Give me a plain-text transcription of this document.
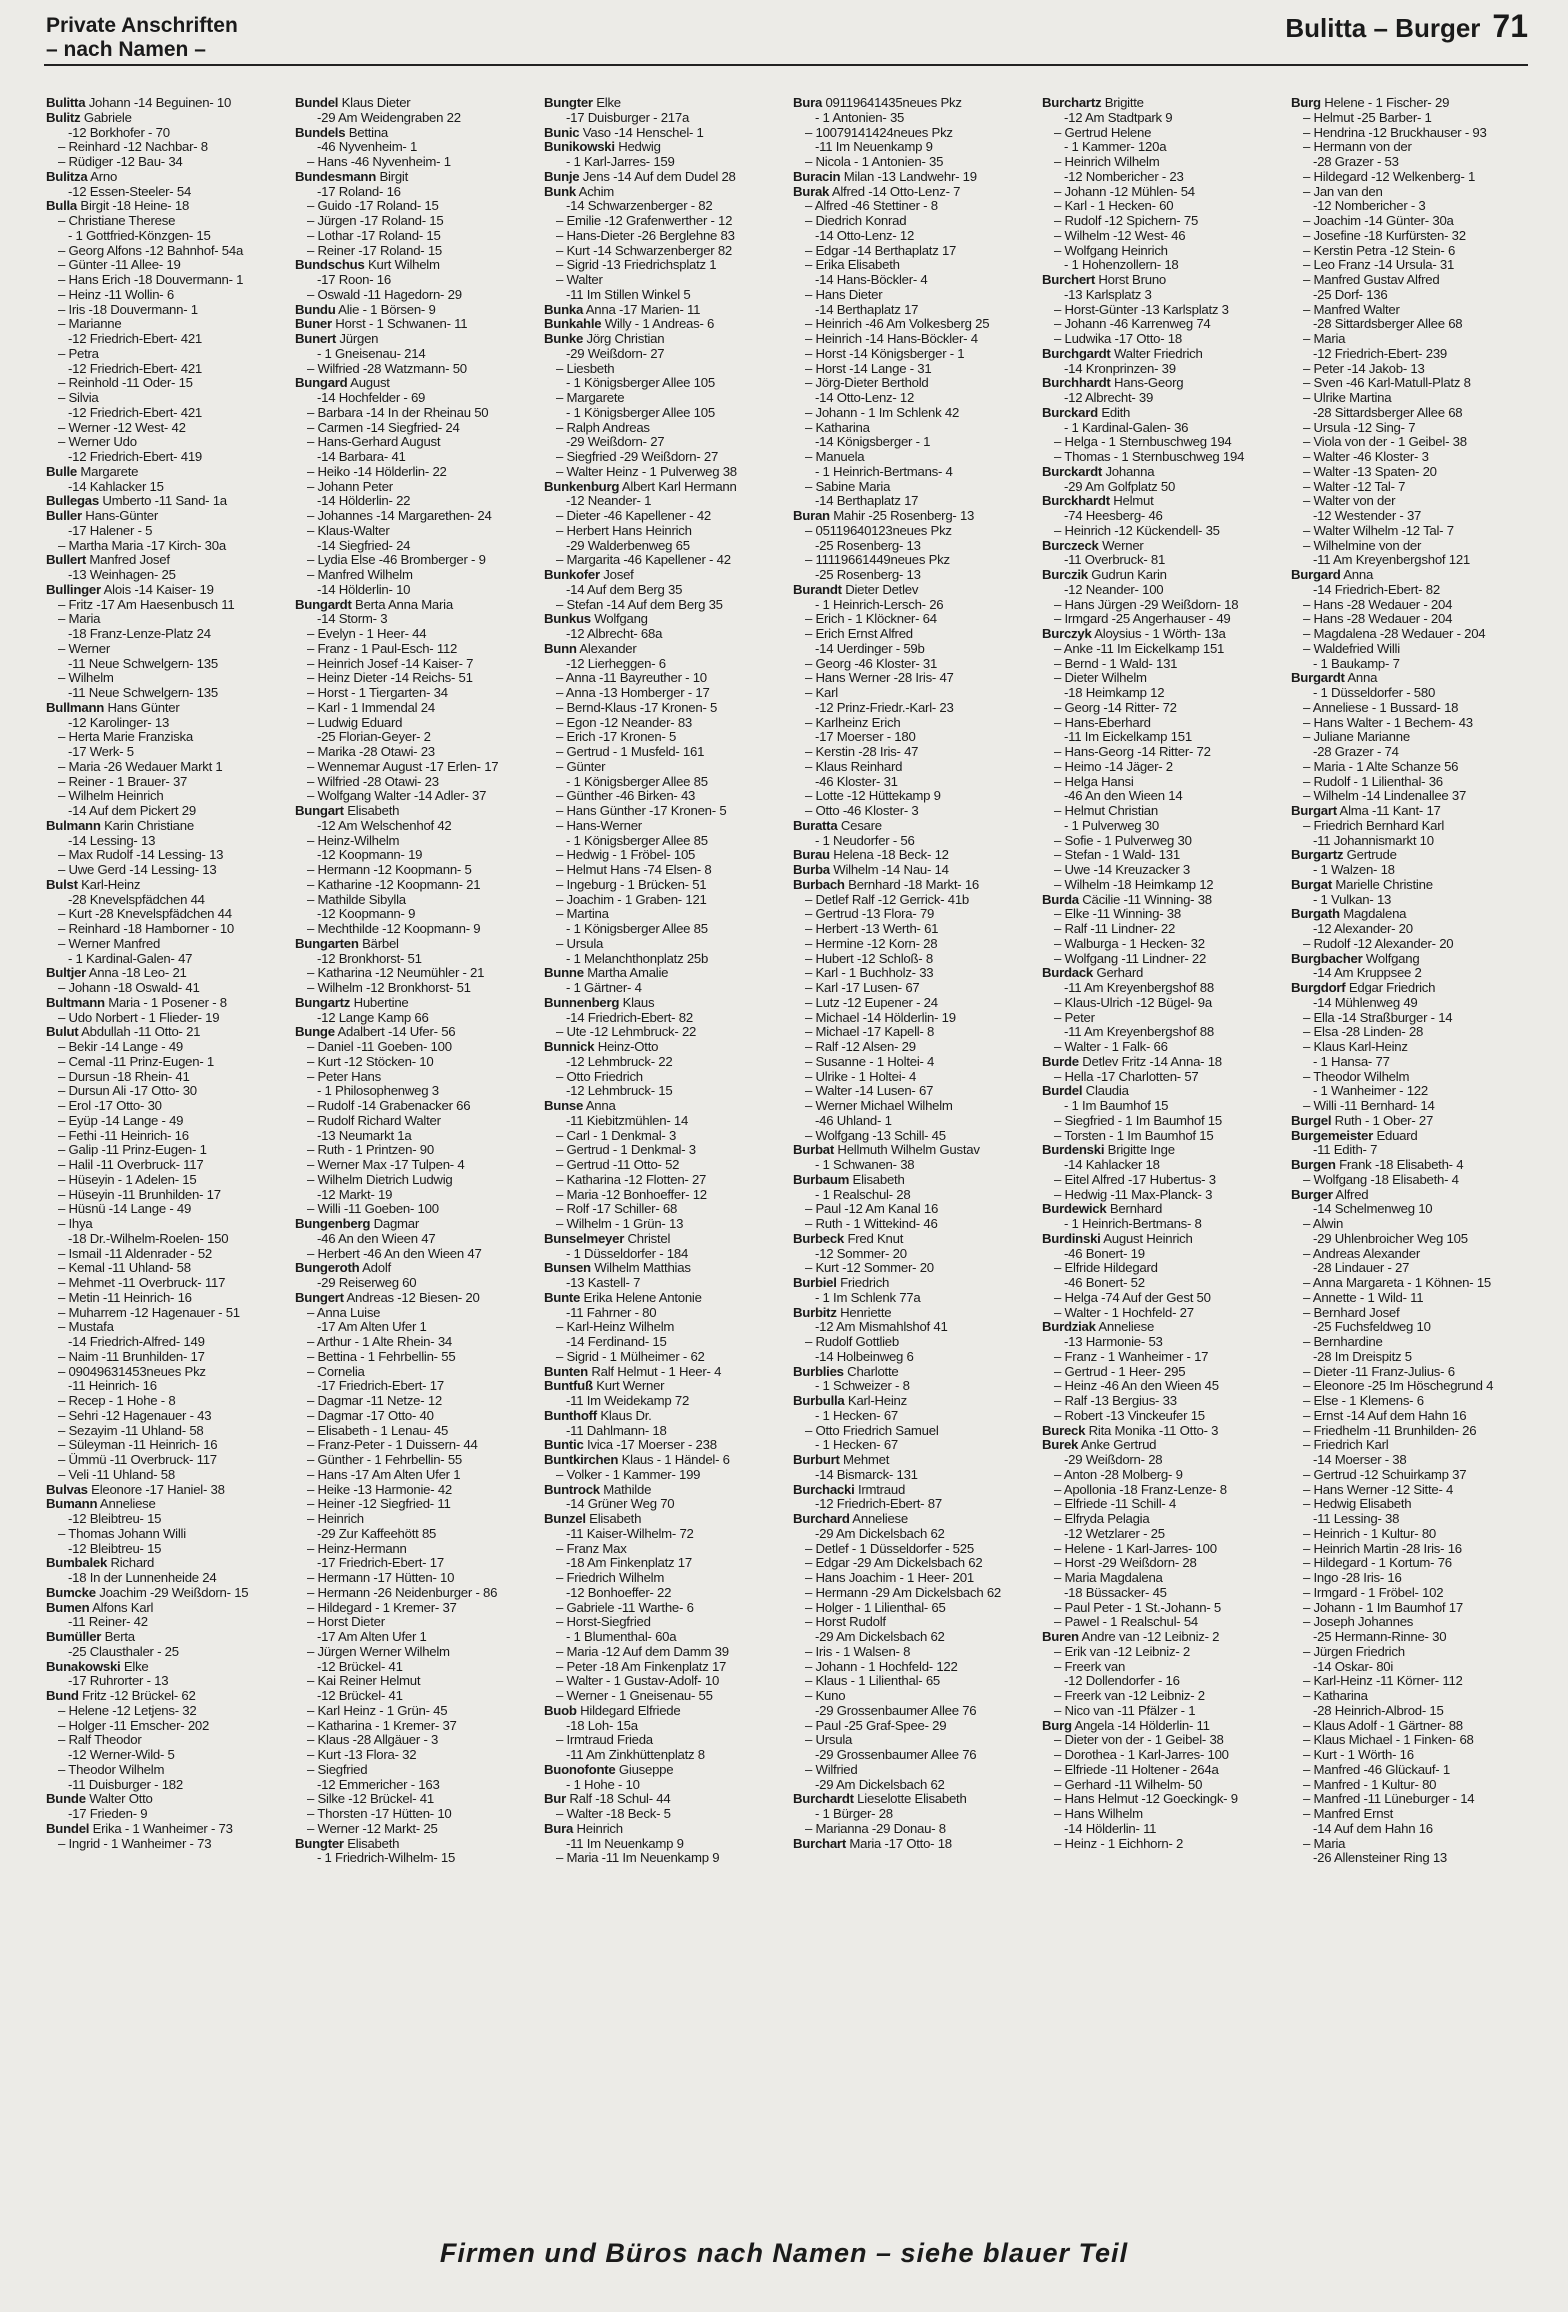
Private Anschriften
– nach Namen –
Bulitta – Burger 71
Bulitta Johann -14 Beguinen- 10
Bulitz Gabriele
-12 Borkhofer - 70
– Reinhard -12 Nachbar- 8
– Rüdiger -12 Bau- 34
Bulitza Arno
-12 Essen-Steeler- 54
Bulla Birgit -18 Heine- 18
– Christiane Therese
- 1 Gottfried-Könzgen- 15
– Georg Alfons -12 Bahnhof- 54a
– Günter -11 Allee- 19
– Hans Erich -18 Douvermann- 1
– Heinz -11 Wollin- 6
– Iris -18 Douvermann- 1
– Marianne
-12 Friedrich-Ebert- 421
– Petra
-12 Friedrich-Ebert- 421
– Reinhold -11 Oder- 15
– Silvia
-12 Friedrich-Ebert- 421
– Werner -12 West- 42
– Werner Udo
-12 Friedrich-Ebert- 419
Bulle Margarete
-14 Kahlacker 15
Bullegas Umberto -11 Sand- 1a
Buller Hans-Günter
-17 Halener - 5
– Martha Maria -17 Kirch- 30a
Bullert Manfred Josef
-13 Weinhagen- 25
Bullinger Alois -14 Kaiser- 19
– Fritz -17 Am Haesenbusch 11
– Maria
-18 Franz-Lenze-Platz 24
– Werner
-11 Neue Schwelgern- 135
– Wilhelm
-11 Neue Schwelgern- 135
Bullmann Hans Günter
-12 Karolinger- 13
– Herta Marie Franziska
-17 Werk- 5
– Maria -26 Wedauer Markt 1
– Reiner - 1 Brauer- 37
– Wilhelm Heinrich
-14 Auf dem Pickert 29
Bulmann Karin Christiane
-14 Lessing- 13
– Max Rudolf -14 Lessing- 13
– Uwe Gerd -14 Lessing- 13
Bulst Karl-Heinz
-28 Knevelspfädchen 44
– Kurt -28 Knevelspfädchen 44
– Reinhard -18 Hamborner - 10
– Werner Manfred
- 1 Kardinal-Galen- 47
Bultjer Anna -18 Leo- 21
– Johann -18 Oswald- 41
Bultmann Maria - 1 Posener - 8
– Udo Norbert - 1 Flieder- 19
Bulut Abdullah -11 Otto- 21
– Bekir -14 Lange - 49
– Cemal -11 Prinz-Eugen- 1
– Dursun -18 Rhein- 41
– Dursun Ali -17 Otto- 30
– Erol -17 Otto- 30
– Eyüp -14 Lange - 49
– Fethi -11 Heinrich- 16
– Galip -11 Prinz-Eugen- 1
– Halil -11 Overbruck- 117
– Hüseyin - 1 Adelen- 15
– Hüseyin -11 Brunhilden- 17
– Hüsnü -14 Lange - 49
– Ihya
-18 Dr.-Wilhelm-Roelen- 150
– Ismail -11 Aldenrader - 52
– Kemal -11 Uhland- 58
– Mehmet -11 Overbruck- 117
– Metin -11 Heinrich- 16
– Muharrem -12 Hagenauer - 51
– Mustafa
-14 Friedrich-Alfred- 149
– Naim -11 Brunhilden- 17
– 09049631453neues Pkz
-11 Heinrich- 16
– Recep - 1 Hohe - 8
– Sehri -12 Hagenauer - 43
– Sezayim -11 Uhland- 58
– Süleyman -11 Heinrich- 16
– Ümmü -11 Overbruck- 117
– Veli -11 Uhland- 58
Bulvas Eleonore -17 Haniel- 38
Bumann Anneliese
-12 Bleibtreu- 15
– Thomas Johann Willi
-12 Bleibtreu- 15
Bumbalek Richard
-18 In der Lunnenheide 24
Bumcke Joachim -29 Weißdorn- 15
Bumen Alfons Karl
-11 Reiner- 42
Bumüller Berta
-25 Clausthaler - 25
Bunakowski Elke
-17 Ruhrorter - 13
Bund Fritz -12 Brückel- 62
– Helene -12 Letjens- 32
– Holger -11 Emscher- 202
– Ralf Theodor
-12 Werner-Wild- 5
– Theodor Wilhelm
-11 Duisburger - 182
Bunde Walter Otto
-17 Frieden- 9
Bundel Erika - 1 Wanheimer - 73
– Ingrid - 1 Wanheimer - 73
Bundel Klaus Dieter
-29 Am Weidengraben 22
Bundels Bettina
-46 Nyvenheim- 1
– Hans -46 Nyvenheim- 1
Bundesmann Birgit
-17 Roland- 16
– Guido -17 Roland- 15
– Jürgen -17 Roland- 15
– Lothar -17 Roland- 15
– Reiner -17 Roland- 15
Bundschus Kurt Wilhelm
-17 Roon- 16
– Oswald -11 Hagedorn- 29
Bundu Alie - 1 Börsen- 9
Buner Horst - 1 Schwanen- 11
Bunert Jürgen
- 1 Gneisenau- 214
– Wilfried -28 Watzmann- 50
Bungard August
-14 Hochfelder - 69
– Barbara -14 In der Rheinau 50
– Carmen -14 Siegfried- 24
– Hans-Gerhard August
-14 Barbara- 41
– Heiko -14 Hölderlin- 22
– Johann Peter
-14 Hölderlin- 22
– Johannes -14 Margarethen- 24
– Klaus-Walter
-14 Siegfried- 24
– Lydia Else -46 Bromberger - 9
– Manfred Wilhelm
-14 Hölderlin- 10
Bungardt Berta Anna Maria
-14 Storm- 3
– Evelyn - 1 Heer- 44
– Franz - 1 Paul-Esch- 112
– Heinrich Josef -14 Kaiser- 7
– Heinz Dieter -14 Reichs- 51
– Horst - 1 Tiergarten- 34
– Karl - 1 Immendal 24
– Ludwig Eduard
-25 Florian-Geyer- 2
– Marika -28 Otawi- 23
– Wennemar August -17 Erlen- 17
– Wilfried -28 Otawi- 23
– Wolfgang Walter -14 Adler- 37
Bungart Elisabeth
-12 Am Welschenhof 42
– Heinz-Wilhelm
-12 Koopmann- 19
– Hermann -12 Koopmann- 5
– Katharine -12 Koopmann- 21
– Mathilde Sibylla
-12 Koopmann- 9
– Mechthilde -12 Koopmann- 9
Bungarten Bärbel
-12 Bronkhorst- 51
– Katharina -12 Neumühler - 21
– Wilhelm -12 Bronkhorst- 51
Bungartz Hubertine
-12 Lange Kamp 66
Bunge Adalbert -14 Ufer- 56
– Daniel -11 Goeben- 100
– Kurt -12 Stöcken- 10
– Peter Hans
- 1 Philosophenweg 3
– Rudolf -14 Grabenacker 66
– Rudolf Richard Walter
-13 Neumarkt 1a
– Ruth - 1 Printzen- 90
– Werner Max -17 Tulpen- 4
– Wilhelm Dietrich Ludwig
-12 Markt- 19
– Willi -11 Goeben- 100
Bungenberg Dagmar
-46 An den Wieen 47
– Herbert -46 An den Wieen 47
Bungeroth Adolf
-29 Reiserweg 60
Bungert Andreas -12 Biesen- 20
– Anna Luise
-17 Am Alten Ufer 1
– Arthur - 1 Alte Rhein- 34
– Bettina - 1 Fehrbellin- 55
– Cornelia
-17 Friedrich-Ebert- 17
– Dagmar -11 Netze- 12
– Dagmar -17 Otto- 40
– Elisabeth - 1 Lenau- 45
– Franz-Peter - 1 Duissern- 44
– Günther - 1 Fehrbellin- 55
– Hans -17 Am Alten Ufer 1
– Heike -13 Harmonie- 42
– Heiner -12 Siegfried- 11
– Heinrich
-29 Zur Kaffeehött 85
– Heinz-Hermann
-17 Friedrich-Ebert- 17
– Hermann -17 Hütten- 10
– Hermann -26 Neidenburger - 86
– Hildegard - 1 Kremer- 37
– Horst Dieter
-17 Am Alten Ufer 1
– Jürgen Werner Wilhelm
-12 Brückel- 41
– Kai Reiner Helmut
-12 Brückel- 41
– Karl Heinz - 1 Grün- 45
– Katharina - 1 Kremer- 37
– Klaus -28 Allgäuer - 3
– Kurt -13 Flora- 32
– Siegfried
-12 Emmericher - 163
– Silke -12 Brückel- 41
– Thorsten -17 Hütten- 10
– Werner -12 Markt- 25
Bungter Elisabeth
- 1 Friedrich-Wilhelm- 15
Bungter Elke
-17 Duisburger - 217a
Bunic Vaso -14 Henschel- 1
Bunikowski Hedwig
- 1 Karl-Jarres- 159
Bunje Jens -14 Auf dem Dudel 28
Bunk Achim
-14 Schwarzenberger - 82
– Emilie -12 Grafenwerther - 12
– Hans-Dieter -26 Berglehne 83
– Kurt -14 Schwarzenberger 82
– Sigrid -13 Friedrichsplatz 1
– Walter
-11 Im Stillen Winkel 5
Bunka Anna -17 Marien- 11
Bunkahle Willy - 1 Andreas- 6
Bunke Jörg Christian
-29 Weißdorn- 27
– Liesbeth
- 1 Königsberger Allee 105
– Margarete
- 1 Königsberger Allee 105
– Ralph Andreas
-29 Weißdorn- 27
– Siegfried -29 Weißdorn- 27
– Walter Heinz - 1 Pulverweg 38
Bunkenburg Albert Karl Hermann
-12 Neander- 1
– Dieter -46 Kapellener - 42
– Herbert Hans Heinrich
-29 Walderbenweg 65
– Margarita -46 Kapellener - 42
Bunkofer Josef
-14 Auf dem Berg 35
– Stefan -14 Auf dem Berg 35
Bunkus Wolfgang
-12 Albrecht- 68a
Bunn Alexander
-12 Lierheggen- 6
– Anna -11 Bayreuther - 10
– Anna -13 Homberger - 17
– Bernd-Klaus -17 Kronen- 5
– Egon -12 Neander- 83
– Erich -17 Kronen- 5
– Gertrud - 1 Musfeld- 161
– Günter
- 1 Königsberger Allee 85
– Günther -46 Birken- 43
– Hans Günther -17 Kronen- 5
– Hans-Werner
- 1 Königsberger Allee 85
– Hedwig - 1 Fröbel- 105
– Helmut Hans -74 Elsen- 8
– Ingeburg - 1 Brücken- 51
– Joachim - 1 Graben- 121
– Martina
- 1 Königsberger Allee 85
– Ursula
- 1 Melanchthonplatz 25b
Bunne Martha Amalie
- 1 Gärtner- 4
Bunnenberg Klaus
-14 Friedrich-Ebert- 82
– Ute -12 Lehmbruck- 22
Bunnick Heinz-Otto
-12 Lehmbruck- 22
– Otto Friedrich
-12 Lehmbruck- 15
Bunse Anna
-11 Kiebitzmühlen- 14
– Carl - 1 Denkmal- 3
– Gertrud - 1 Denkmal- 3
– Gertrud -11 Otto- 52
– Katharina -12 Flotten- 27
– Maria -12 Bonhoeffer- 12
– Rolf -17 Schiller- 68
– Wilhelm - 1 Grün- 13
Bunselmeyer Christel
- 1 Düsseldorfer - 184
Bunsen Wilhelm Matthias
-13 Kastell- 7
Bunte Erika Helene Antonie
-11 Fahrner - 80
– Karl-Heinz Wilhelm
-14 Ferdinand- 15
– Sigrid - 1 Mülheimer - 62
Bunten Ralf Helmut - 1 Heer- 4
Buntfuß Kurt Werner
-11 Im Weidekamp 72
Bunthoff Klaus Dr.
-11 Dahlmann- 18
Buntic Ivica -17 Moerser - 238
Buntkirchen Klaus - 1 Händel- 6
– Volker - 1 Kammer- 199
Buntrock Mathilde
-14 Grüner Weg 70
Bunzel Elisabeth
-11 Kaiser-Wilhelm- 72
– Franz Max
-18 Am Finkenplatz 17
– Friedrich Wilhelm
-12 Bonhoeffer- 22
– Gabriele -11 Warthe- 6
– Horst-Siegfried
- 1 Blumenthal- 60a
– Maria -12 Auf dem Damm 39
– Peter -18 Am Finkenplatz 17
– Walter - 1 Gustav-Adolf- 10
– Werner - 1 Gneisenau- 55
Buob Hildegard Elfriede
-18 Loh- 15a
– Irmtraud Frieda
-11 Am Zinkhüttenplatz 8
Buonofonte Giuseppe
- 1 Hohe - 10
Bur Ralf -18 Schul- 44
– Walter -18 Beck- 5
Bura Heinrich
-11 Im Neuenkamp 9
– Maria -11 Im Neuenkamp 9
Bura 09119641435neues Pkz
- 1 Antonien- 35
– 10079141424neues Pkz
-11 Im Neuenkamp 9
– Nicola - 1 Antonien- 35
Buracin Milan -13 Landwehr- 19
Burak Alfred -14 Otto-Lenz- 7
– Alfred -46 Stettiner - 8
– Diedrich Konrad
-14 Otto-Lenz- 12
– Edgar -14 Berthaplatz 17
– Erika Elisabeth
-14 Hans-Böckler- 4
– Hans Dieter
-14 Berthaplatz 17
– Heinrich -46 Am Volkesberg 25
– Heinrich -14 Hans-Böckler- 4
– Horst -14 Königsberger - 1
– Horst -14 Lange - 31
– Jörg-Dieter Berthold
-14 Otto-Lenz- 12
– Johann - 1 Im Schlenk 42
– Katharina
-14 Königsberger - 1
– Manuela
- 1 Heinrich-Bertmans- 4
– Sabine Maria
-14 Berthaplatz 17
Buran Mahir -25 Rosenberg- 13
– 05119640123neues Pkz
-25 Rosenberg- 13
– 11119661449neues Pkz
-25 Rosenberg- 13
Burandt Dieter Detlev
- 1 Heinrich-Lersch- 26
– Erich - 1 Klöckner- 64
– Erich Ernst Alfred
-14 Uerdinger - 59b
– Georg -46 Kloster- 31
– Hans Werner -28 Iris- 47
– Karl
-12 Prinz-Friedr.-Karl- 23
– Karlheinz Erich
-17 Moerser - 180
– Kerstin -28 Iris- 47
– Klaus Reinhard
-46 Kloster- 31
– Lotte -12 Hüttekamp 9
– Otto -46 Kloster- 3
Buratta Cesare
- 1 Neudorfer - 56
Burau Helena -18 Beck- 12
Burba Wilhelm -14 Nau- 14
Burbach Bernhard -18 Markt- 16
– Detlef Ralf -12 Gerrick- 41b
– Gertrud -13 Flora- 79
– Herbert -13 Werth- 61
– Hermine -12 Korn- 28
– Hubert -12 Schloß- 8
– Karl - 1 Buchholz- 33
– Karl -17 Lusen- 67
– Lutz -12 Eupener - 24
– Michael -14 Hölderlin- 19
– Michael -17 Kapell- 8
– Ralf -12 Alsen- 29
– Susanne - 1 Holtei- 4
– Ulrike - 1 Holtei- 4
– Walter -14 Lusen- 67
– Werner Michael Wilhelm
-46 Uhland- 1
– Wolfgang -13 Schill- 45
Burbat Hellmuth Wilhelm Gustav
- 1 Schwanen- 38
Burbaum Elisabeth
- 1 Realschul- 28
– Paul -12 Am Kanal 16
– Ruth - 1 Wittekind- 46
Burbeck Fred Knut
-12 Sommer- 20
– Kurt -12 Sommer- 20
Burbiel Friedrich
- 1 Im Schlenk 77a
Burbitz Henriette
-12 Am Mismahlshof 41
– Rudolf Gottlieb
-14 Holbeinweg 6
Burblies Charlotte
- 1 Schweizer - 8
Burbulla Karl-Heinz
- 1 Hecken- 67
– Otto Friedrich Samuel
- 1 Hecken- 67
Burburt Mehmet
-14 Bismarck- 131
Burchacki Irmtraud
-12 Friedrich-Ebert- 87
Burchard Anneliese
-29 Am Dickelsbach 62
– Detlef - 1 Düsseldorfer - 525
– Edgar -29 Am Dickelsbach 62
– Hans Joachim - 1 Heer- 201
– Hermann -29 Am Dickelsbach 62
– Holger - 1 Lilienthal- 65
– Horst Rudolf
-29 Am Dickelsbach 62
– Iris - 1 Walsen- 8
– Johann - 1 Hochfeld- 122
– Klaus - 1 Lilienthal- 65
– Kuno
-29 Grossenbaumer Allee 76
– Paul -25 Graf-Spee- 29
– Ursula
-29 Grossenbaumer Allee 76
– Wilfried
-29 Am Dickelsbach 62
Burchardt Lieselotte Elisabeth
- 1 Bürger- 28
– Marianna -29 Donau- 8
Burchart Maria -17 Otto- 18
Burchartz Brigitte
-12 Am Stadtpark 9
– Gertrud Helene
- 1 Kammer- 120a
– Heinrich Wilhelm
-12 Nombericher - 23
– Johann -12 Mühlen- 54
– Karl - 1 Hecken- 60
– Rudolf -12 Spichern- 75
– Wilhelm -12 West- 46
– Wolfgang Heinrich
- 1 Hohenzollern- 18
Burchert Horst Bruno
-13 Karlsplatz 3
– Horst-Günter -13 Karlsplatz 3
– Johann -46 Karrenweg 74
– Ludwika -17 Otto- 18
Burchgardt Walter Friedrich
-14 Kronprinzen- 39
Burchhardt Hans-Georg
-12 Albrecht- 39
Burckard Edith
- 1 Kardinal-Galen- 36
– Helga - 1 Sternbuschweg 194
– Thomas - 1 Sternbuschweg 194
Burckardt Johanna
-29 Am Golfplatz 50
Burckhardt Helmut
-74 Heesberg- 46
– Heinrich -12 Kückendell- 35
Burczeck Werner
-11 Overbruck- 81
Burczik Gudrun Karin
-12 Neander- 100
– Hans Jürgen -29 Weißdorn- 18
– Irmgard -25 Angerhauser - 49
Burczyk Aloysius - 1 Wörth- 13a
– Anke -11 Im Eickelkamp 151
– Bernd - 1 Wald- 131
– Dieter Wilhelm
-18 Heimkamp 12
– Georg -14 Ritter- 72
– Hans-Eberhard
-11 Im Eickelkamp 151
– Hans-Georg -14 Ritter- 72
– Heimo -14 Jäger- 2
– Helga Hansi
-46 An den Wieen 14
– Helmut Christian
- 1 Pulverweg 30
– Sofie - 1 Pulverweg 30
– Stefan - 1 Wald- 131
– Uwe -14 Kreuzacker 3
– Wilhelm -18 Heimkamp 12
Burda Cäcilie -11 Winning- 38
– Elke -11 Winning- 38
– Ralf -11 Lindner- 22
– Walburga - 1 Hecken- 32
– Wolfgang -11 Lindner- 22
Burdack Gerhard
-11 Am Kreyenbergshof 88
– Klaus-Ulrich -12 Bügel- 9a
– Peter
-11 Am Kreyenbergshof 88
– Walter - 1 Falk- 66
Burde Detlev Fritz -14 Anna- 18
– Hella -17 Charlotten- 57
Burdel Claudia
- 1 Im Baumhof 15
– Siegfried - 1 Im Baumhof 15
– Torsten - 1 Im Baumhof 15
Burdenski Brigitte Inge
-14 Kahlacker 18
– Eitel Alfred -17 Hubertus- 3
– Hedwig -11 Max-Planck- 3
Burdewick Bernhard
- 1 Heinrich-Bertmans- 8
Burdinski August Heinrich
-46 Bonert- 19
– Elfride Hildegard
-46 Bonert- 52
– Helga -74 Auf der Gest 50
– Walter - 1 Hochfeld- 27
Burdziak Anneliese
-13 Harmonie- 53
– Franz - 1 Wanheimer - 17
– Gertrud - 1 Heer- 295
– Heinz -46 An den Wieen 45
– Ralf -13 Bergius- 33
– Robert -13 Vinckeufer 15
Bureck Rita Monika -11 Otto- 3
Burek Anke Gertrud
-29 Weißdorn- 28
– Anton -28 Molberg- 9
– Apollonia -18 Franz-Lenze- 8
– Elfriede -11 Schill- 4
– Elfryda Pelagia
-12 Wetzlarer - 25
– Helene - 1 Karl-Jarres- 100
– Horst -29 Weißdorn- 28
– Maria Magdalena
-18 Büssacker- 45
– Paul Peter - 1 St.-Johann- 5
– Pawel - 1 Realschul- 54
Buren Andre van -12 Leibniz- 2
– Erik van -12 Leibniz- 2
– Freerk van
-12 Dollendorfer - 16
– Freerk van -12 Leibniz- 2
– Nico van -11 Pfälzer - 1
Burg Angela -14 Hölderlin- 11
– Dieter von der - 1 Geibel- 38
– Dorothea - 1 Karl-Jarres- 100
– Elfriede -11 Holtener - 264a
– Gerhard -11 Wilhelm- 50
– Hans Helmut -12 Goeckingk- 9
– Hans Wilhelm
-14 Hölderlin- 11
– Heinz - 1 Eichhorn- 2
Burg Helene - 1 Fischer- 29
– Helmut -25 Barber- 1
– Hendrina -12 Bruckhauser - 93
– Hermann von der
-28 Grazer - 53
– Hildegard -12 Welkenberg- 1
– Jan van den
-12 Nombericher - 3
– Joachim -14 Günter- 30a
– Josefine -18 Kurfürsten- 32
– Kerstin Petra -12 Stein- 6
– Leo Franz -14 Ursula- 31
– Manfred Gustav Alfred
-25 Dorf- 136
– Manfred Walter
-28 Sittardsberger Allee 68
– Maria
-12 Friedrich-Ebert- 239
– Peter -14 Jakob- 13
– Sven -46 Karl-Matull-Platz 8
– Ulrike Martina
-28 Sittardsberger Allee 68
– Ursula -12 Sing- 7
– Viola von der - 1 Geibel- 38
– Walter -46 Kloster- 3
– Walter -13 Spaten- 20
– Walter -12 Tal- 7
– Walter von der
-12 Westender - 37
– Walter Wilhelm -12 Tal- 7
– Wilhelmine von der
-11 Am Kreyenbergshof 121
Burgard Anna
-14 Friedrich-Ebert- 82
– Hans -28 Wedauer - 204
– Hans -28 Wedauer - 204
– Magdalena -28 Wedauer - 204
– Waldefried Willi
- 1 Baukamp- 7
Burgardt Anna
- 1 Düsseldorfer - 580
– Anneliese - 1 Bussard- 18
– Hans Walter - 1 Bechem- 43
– Juliane Marianne
-28 Grazer - 74
– Maria - 1 Alte Schanze 56
– Rudolf - 1 Lilienthal- 36
– Wilhelm -14 Lindenallee 37
Burgart Alma -11 Kant- 17
– Friedrich Bernhard Karl
-11 Johannismarkt 10
Burgartz Gertrude
- 1 Walzen- 18
Burgat Marielle Christine
- 1 Vulkan- 13
Burgath Magdalena
-12 Alexander- 20
– Rudolf -12 Alexander- 20
Burgbacher Wolfgang
-14 Am Kruppsee 2
Burgdorf Edgar Friedrich
-14 Mühlenweg 49
– Ella -14 Straßburger - 14
– Elsa -28 Linden- 28
– Klaus Karl-Heinz
- 1 Hansa- 77
– Theodor Wilhelm
- 1 Wanheimer - 122
– Willi -11 Bernhard- 14
Burgel Ruth - 1 Ober- 27
Burgemeister Eduard
-11 Edith- 7
Burgen Frank -18 Elisabeth- 4
– Wolfgang -18 Elisabeth- 4
Burger Alfred
-14 Schelmenweg 10
– Alwin
-29 Uhlenbroicher Weg 105
– Andreas Alexander
-28 Lindauer - 27
– Anna Margareta - 1 Köhnen- 15
– Annette - 1 Wild- 11
– Bernhard Josef
-25 Fuchsfeldweg 10
– Bernhardine
-28 Im Dreispitz 5
– Dieter -11 Franz-Julius- 6
– Eleonore -25 Im Höschegrund 4
– Else - 1 Klemens- 6
– Ernst -14 Auf dem Hahn 16
– Friedhelm -11 Brunhilden- 26
– Friedrich Karl
-14 Moerser - 38
– Gertrud -12 Schuirkamp 37
– Hans Werner -12 Sitte- 4
– Hedwig Elisabeth
-11 Lessing- 38
– Heinrich - 1 Kultur- 80
– Heinrich Martin -28 Iris- 16
– Hildegard - 1 Kortum- 76
– Ingo -28 Iris- 16
– Irmgard - 1 Fröbel- 102
– Johann - 1 Im Baumhof 17
– Joseph Johannes
-25 Hermann-Rinne- 30
– Jürgen Friedrich
-14 Oskar- 80i
– Karl-Heinz -11 Körner- 112
– Katharina
-28 Heinrich-Albrod- 15
– Klaus Adolf - 1 Gärtner- 88
– Klaus Michael - 1 Finken- 68
– Kurt - 1 Wörth- 16
– Manfred -46 Glückauf- 1
– Manfred - 1 Kultur- 80
– Manfred -11 Lüneburger - 14
– Manfred Ernst
-14 Auf dem Hahn 16
– Maria
-26 Allensteiner Ring 13
Firmen und Büros nach Namen – siehe blauer Teil
